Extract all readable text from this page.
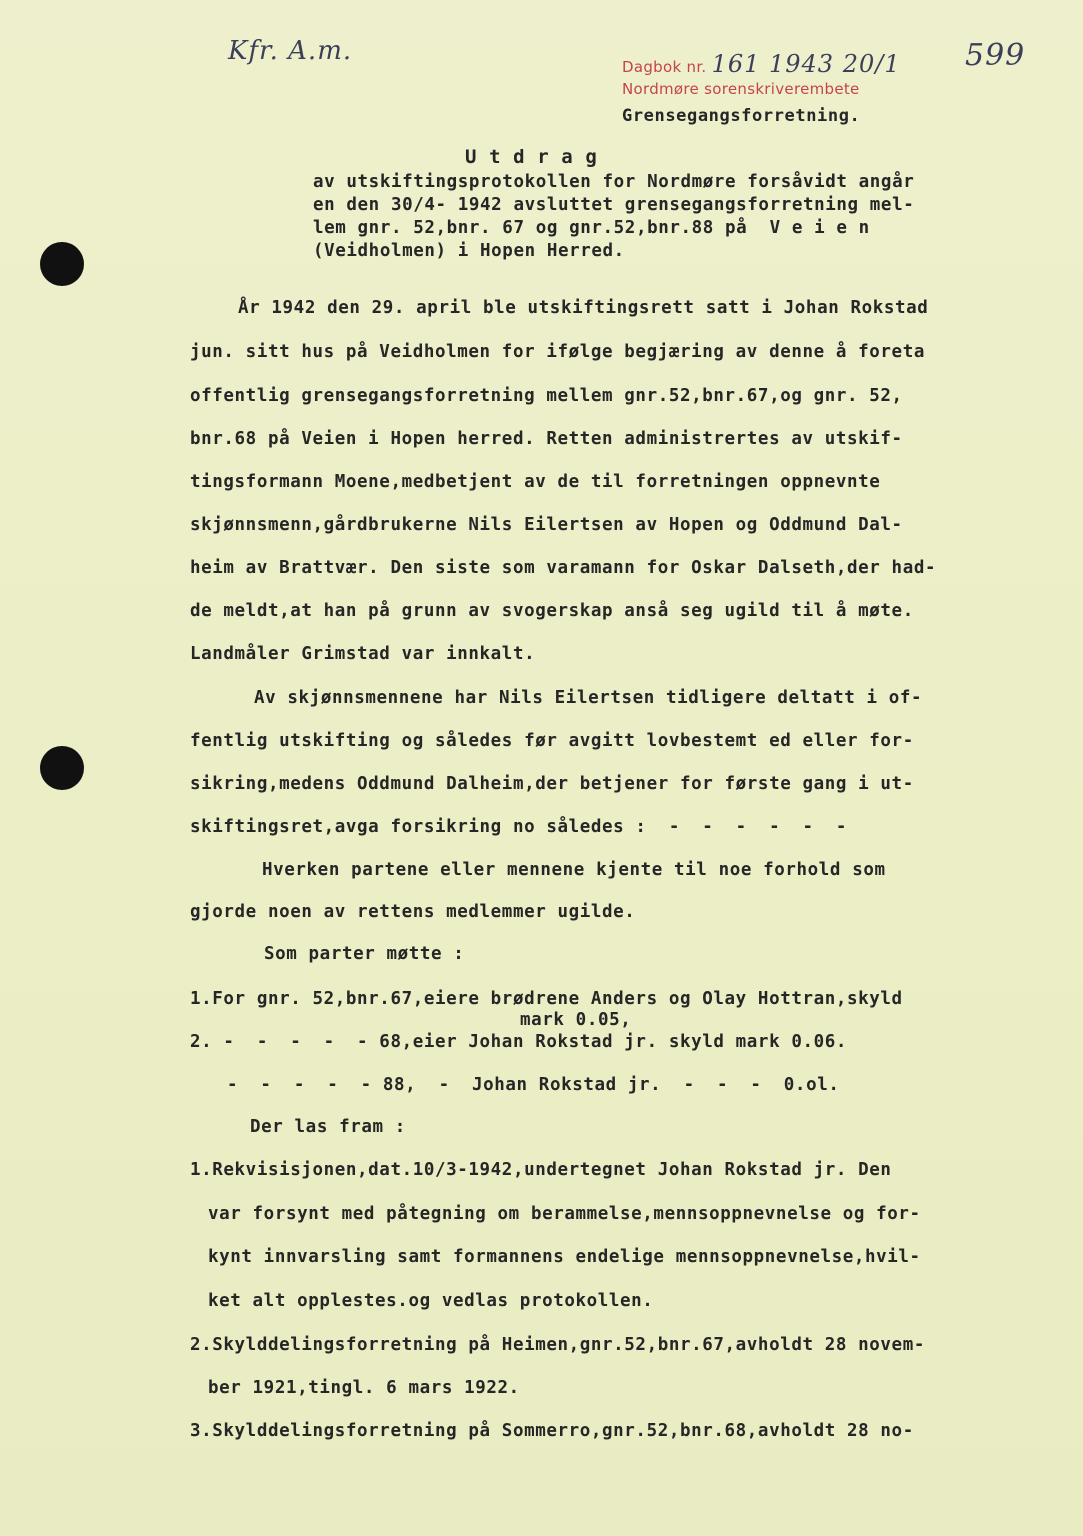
Kfr. A.m.
Dagbok nr. 161 1943 20/1
Nordmøre sorenskriverembete
599
Grensegangsforretning.
U t d r a g
av utskiftingsprotokollen for Nordmøre forsåvidt angår
en den 30/4- 1942 avsluttet grensegangsforretning mel-
lem gnr. 52,bnr. 67 og gnr.52,bnr.88 på  V e i e n
(Veidholmen) i Hopen Herred.
År 1942 den 29. april ble utskiftingsrett satt i Johan Rokstad
jun. sitt hus på Veidholmen for ifølge begjæring av denne å foreta
offentlig grensegangsforretning mellem gnr.52,bnr.67,og gnr. 52,
bnr.68 på Veien i Hopen herred. Retten administrertes av utskif-
tingsformann Moene,medbetjent av de til forretningen oppnevnte
skjønnsmenn,gårdbrukerne Nils Eilertsen av Hopen og Oddmund Dal-
heim av Brattvær. Den siste som varamann for Oskar Dalseth,der had-
de meldt,at han på grunn av svogerskap anså seg ugild til å møte.
Landmåler Grimstad var innkalt.
Av skjønnsmennene har Nils Eilertsen tidligere deltatt i of-
fentlig utskifting og således før avgitt lovbestemt ed eller for-
sikring,medens Oddmund Dalheim,der betjener for første gang i ut-
skiftingsret,avga forsikring no således :  -  -  -  -  -  -
Hverken partene eller mennene kjente til noe forhold som
gjorde noen av rettens medlemmer ugilde.
Som parter møtte :
1.For gnr. 52,bnr.67,eiere brødrene Anders og Olay Hottran,skyld
mark 0.05,
2. -  -  -  -  - 68,eier Johan Rokstad jr. skyld mark 0.06.
-  -  -  -  - 88,  -  Johan Rokstad jr.  -  -  -  0.ol.
Der las fram :
1.Rekvisisjonen,dat.10/3-1942,undertegnet Johan Rokstad jr. Den
var forsynt med påtegning om berammelse,mennsoppnevnelse og for-
kynt innvarsling samt formannens endelige mennsoppnevnelse,hvil-
ket alt opplestes.og vedlas protokollen.
2.Skylddelingsforretning på Heimen,gnr.52,bnr.67,avholdt 28 novem-
ber 1921,tingl. 6 mars 1922.
3.Skylddelingsforretning på Sommerro,gnr.52,bnr.68,avholdt 28 no-
